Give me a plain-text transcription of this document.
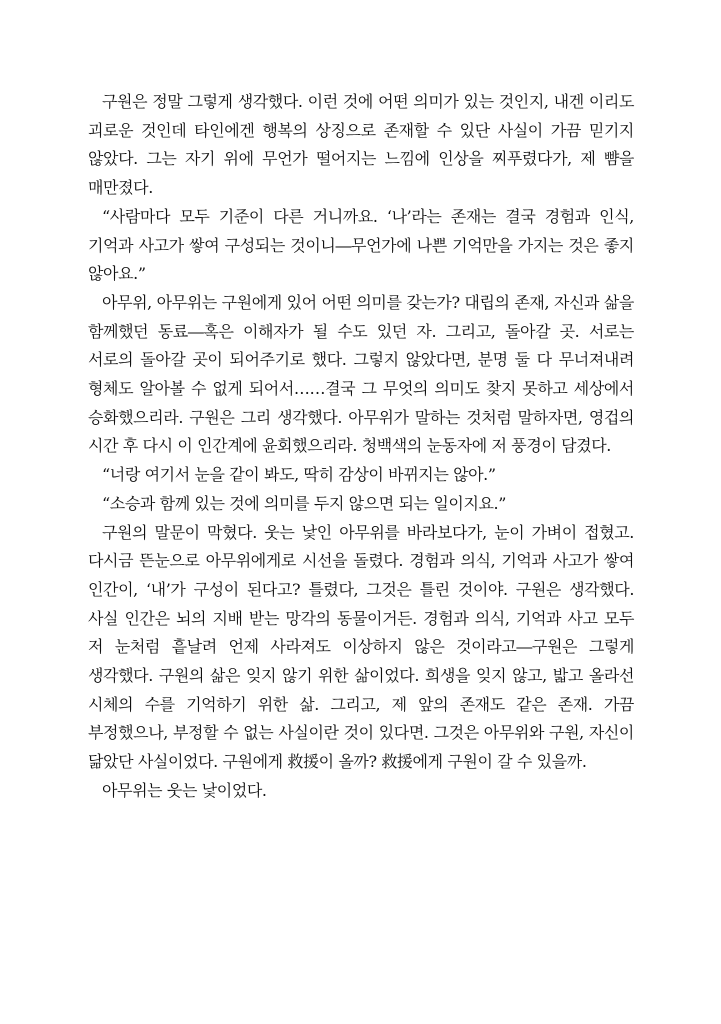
구원은 정말 그렇게 생각했다. 이런 것에 어떤 의미가 있는 것인지, 내겐 이리도 괴로운 것인데 타인에겐 행복의 상징으로 존재할 수 있단 사실이 가끔 믿기지 않았다. 그는 자기 위에 무언가 떨어지는 느낌에 인상을 찌푸렸다가, 제 뺨을 매만졌다.

“사람마다 모두 기준이 다른 거니까요. ‘나’라는 존재는 결국 경험과 인식, 기억과 사고가 쌓여 구성되는 것이니―무언가에 나쁜 기억만을 가지는 것은 좋지 않아요.”

아무위, 아무위는 구원에게 있어 어떤 의미를 갖는가? 대립의 존재, 자신과 삶을 함께했던 동료―혹은 이해자가 될 수도 있던 자. 그리고, 돌아갈 곳. 서로는 서로의 돌아갈 곳이 되어주기로 했다. 그렇지 않았다면, 분명 둘 다 무너져내려 형체도 알아볼 수 없게 되어서……결국 그 무엇의 의미도 찾지 못하고 세상에서 승화했으리라. 구원은 그리 생각했다. 아무위가 말하는 것처럼 말하자면, 영겁의 시간 후 다시 이 인간계에 윤회했으리라. 청백색의 눈동자에 저 풍경이 담겼다.

“너랑 여기서 눈을 같이 봐도, 딱히 감상이 바뀌지는 않아.”

“소승과 함께 있는 것에 의미를 두지 않으면 되는 일이지요.”

구원의 말문이 막혔다. 웃는 낯인 아무위를 바라보다가, 눈이 가벼이 접혔고. 다시금 뜬눈으로 아무위에게로 시선을 돌렸다. 경험과 의식, 기억과 사고가 쌓여 인간이, ‘내’가 구성이 된다고? 틀렸다, 그것은 틀린 것이야. 구원은 생각했다. 사실 인간은 뇌의 지배 받는 망각의 동물이거든. 경험과 의식, 기억과 사고 모두 저 눈처럼 흩날려 언제 사라져도 이상하지 않은 것이라고―구원은 그렇게 생각했다. 구원의 삶은 잊지 않기 위한 삶이었다. 희생을 잊지 않고, 밟고 올라선 시체의 수를 기억하기 위한 삶. 그리고, 제 앞의 존재도 같은 존재. 가끔 부정했으나, 부정할 수 없는 사실이란 것이 있다면. 그것은 아무위와 구원, 자신이 닮았단 사실이었다. 구원에게 救援이 올까? 救援에게 구원이 갈 수 있을까.

아무위는 웃는 낯이었다.
